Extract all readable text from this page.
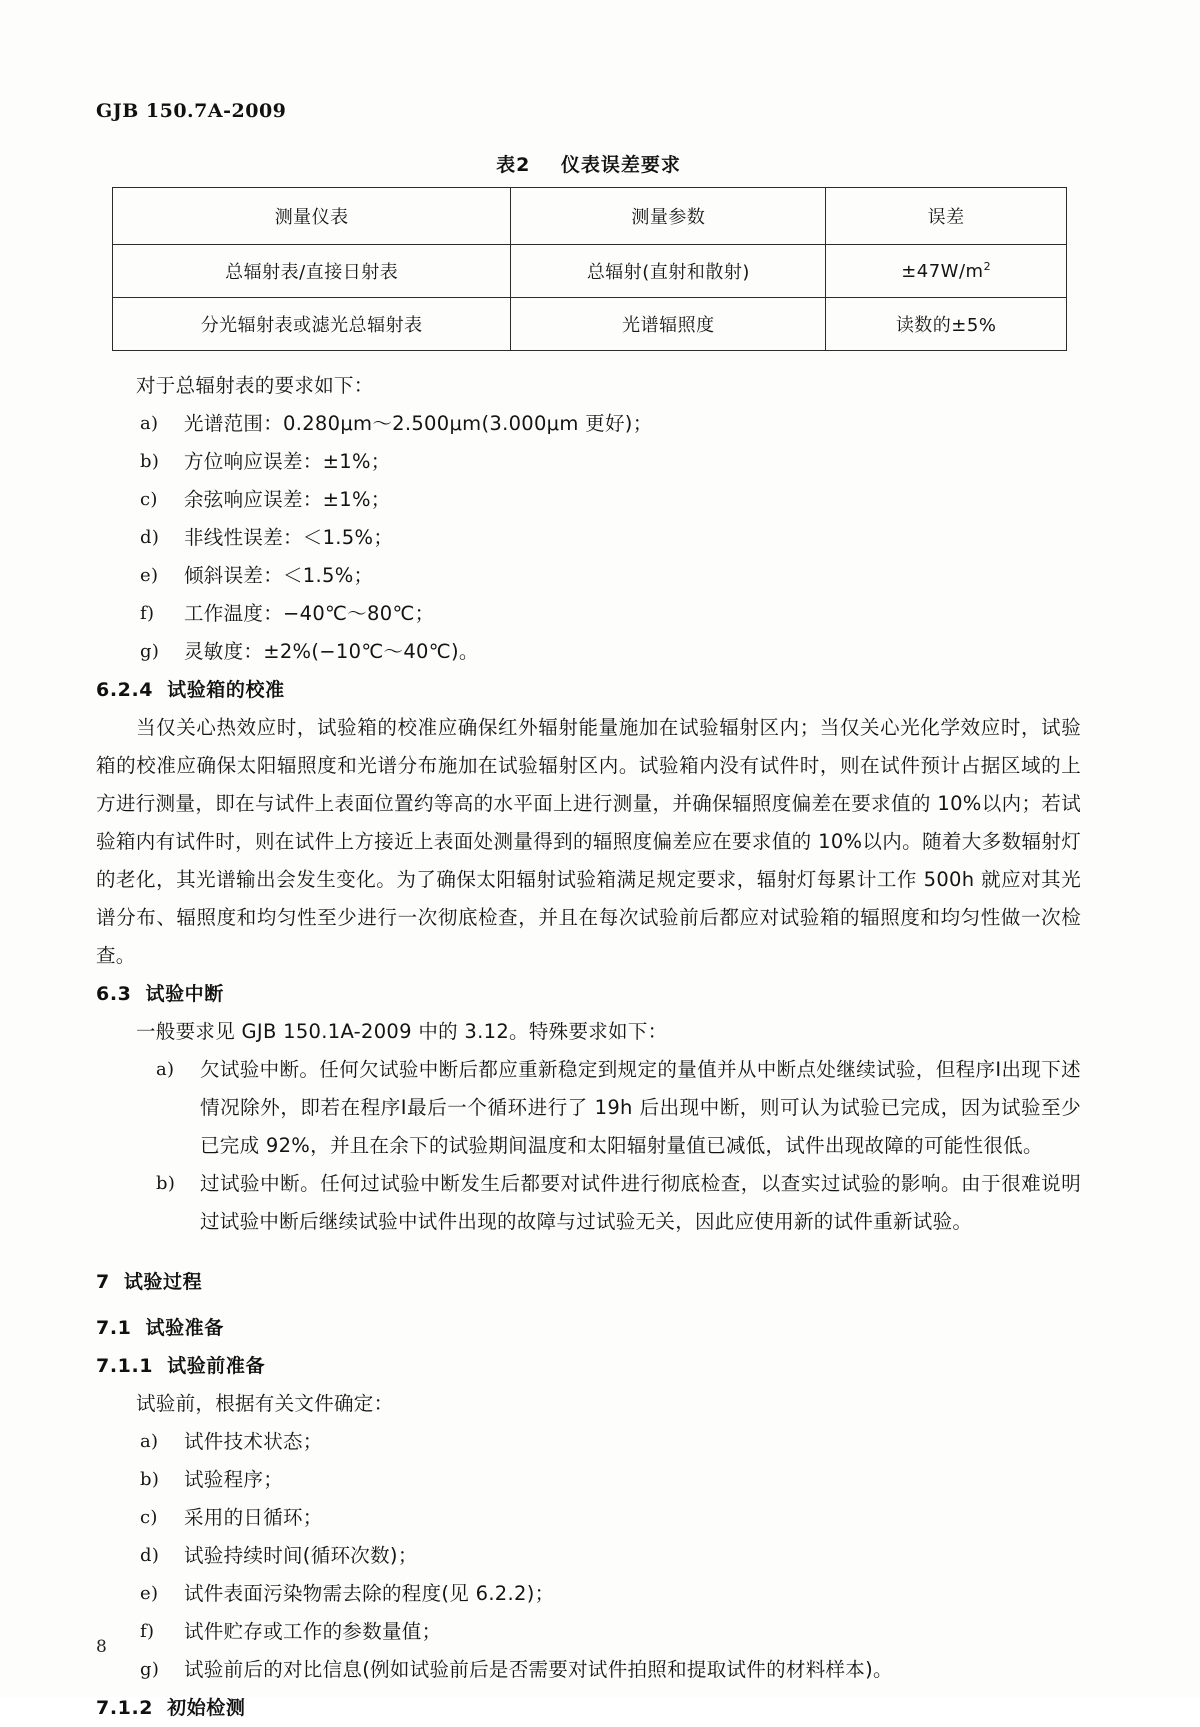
GJB 150.7A-2009
表2 仪表误差要求
测量仪表	测量参数	误差
总辐射表/直接日射表	总辐射(直射和散射)	$\pm 47W/m^2$
分光辐射表或滤光总辐射表	光谱辐照度	读数的±5%
对于总辐射表的要求如下：
a)	光谱范围：0.280μm～2.500μm(3.000μm 更好)；
b)	方位响应误差：±1%；
c)	余弦响应误差：±1%；
d)	非线性误差：＜1.5%；
e)	倾斜误差：＜1.5%；
f)	工作温度：−40℃～80℃；
g)	灵敏度：±2%(−10℃～40℃)。
6.2.4 试验箱的校准
当仅关心热效应时，试验箱的校准应确保红外辐射能量施加在试验辐射区内；当仅关心光化学效应时，试验箱的校准应确保太阳辐照度和光谱分布施加在试验辐射区内。试验箱内没有试件时，则在试件预计占据区域的上方进行测量，即在与试件上表面位置约等高的水平面上进行测量，并确保辐照度偏差在要求值的 10%以内；若试验箱内有试件时，则在试件上方接近上表面处测量得到的辐照度偏差应在要求值的 10%以内。随着大多数辐射灯的老化，其光谱输出会发生变化。为了确保太阳辐射试验箱满足规定要求，辐射灯每累计工作 500h 就应对其光谱分布、辐照度和均匀性至少进行一次彻底检查，并且在每次试验前后都应对试验箱的辐照度和均匀性做一次检查。
6.3 试验中断
一般要求见 GJB 150.1A-2009 中的 3.12。特殊要求如下：
a)	欠试验中断。任何欠试验中断后都应重新稳定到规定的量值并从中断点处继续试验，但程序Ⅰ出现下述情况除外，即若在程序Ⅰ最后一个循环进行了 19h 后出现中断，则可认为试验已完成，因为试验至少已完成 92%，并且在余下的试验期间温度和太阳辐射量值已减低，试件出现故障的可能性很低。
b)	过试验中断。任何过试验中断发生后都要对试件进行彻底检查，以查实过试验的影响。由于很难说明过试验中断后继续试验中试件出现的故障与过试验无关，因此应使用新的试件重新试验。
7 试验过程
7.1 试验准备
7.1.1 试验前准备
试验前，根据有关文件确定：
a)	试件技术状态；
b)	试验程序；
c)	采用的日循环；
d)	试验持续时间(循环次数)；
e)	试件表面污染物需去除的程度(见 6.2.2)；
f)	试件贮存或工作的参数量值；
g)	试验前后的对比信息(例如试验前后是否需要对试件拍照和提取试件的材料样本)。
7.1.2 初始检测
8
